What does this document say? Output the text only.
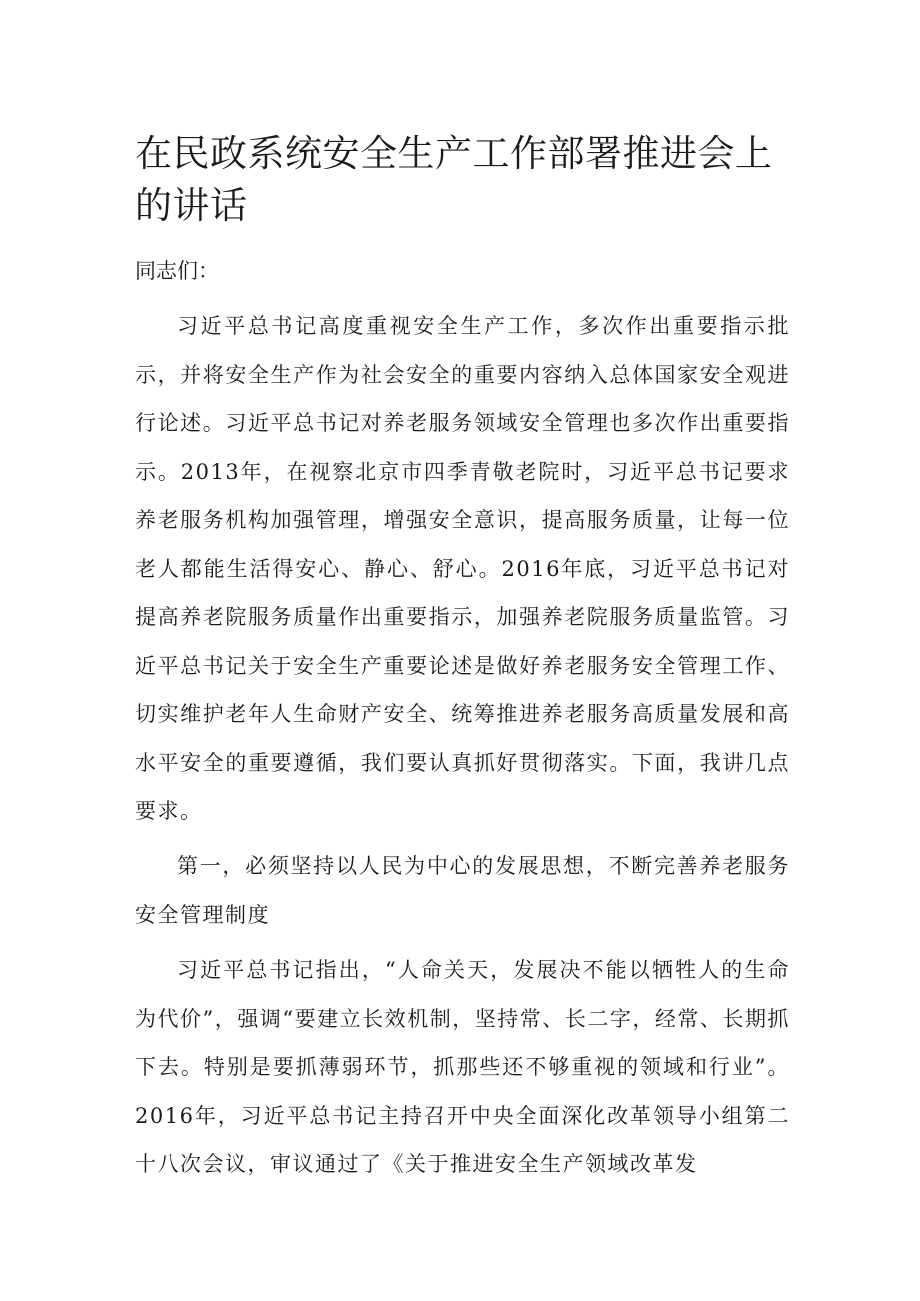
在民政系统安全生产工作部署推进会上的讲话

同志们：

习近平总书记高度重视安全生产工作，多次作出重要指示批示，并将安全生产作为社会安全的重要内容纳入总体国家安全观进行论述。习近平总书记对养老服务领域安全管理也多次作出重要指示。2013年，在视察北京市四季青敬老院时，习近平总书记要求养老服务机构加强管理，增强安全意识，提高服务质量，让每一位老人都能生活得安心、静心、舒心。2016年底，习近平总书记对提高养老院服务质量作出重要指示，加强养老院服务质量监管。习近平总书记关于安全生产重要论述是做好养老服务安全管理工作、切实维护老年人生命财产安全、统筹推进养老服务高质量发展和高水平安全的重要遵循，我们要认真抓好贯彻落实。下面，我讲几点要求。

第一，必须坚持以人民为中心的发展思想，不断完善养老服务安全管理制度

习近平总书记指出，“人命关天，发展决不能以牺牲人的生命为代价”，强调“要建立长效机制，坚持常、长二字，经常、长期抓下去。特别是要抓薄弱环节，抓那些还不够重视的领域和行业”。2016年，习近平总书记主持召开中央全面深化改革领导小组第二十八次会议，审议通过了《关于推进安全生产领域改革发
